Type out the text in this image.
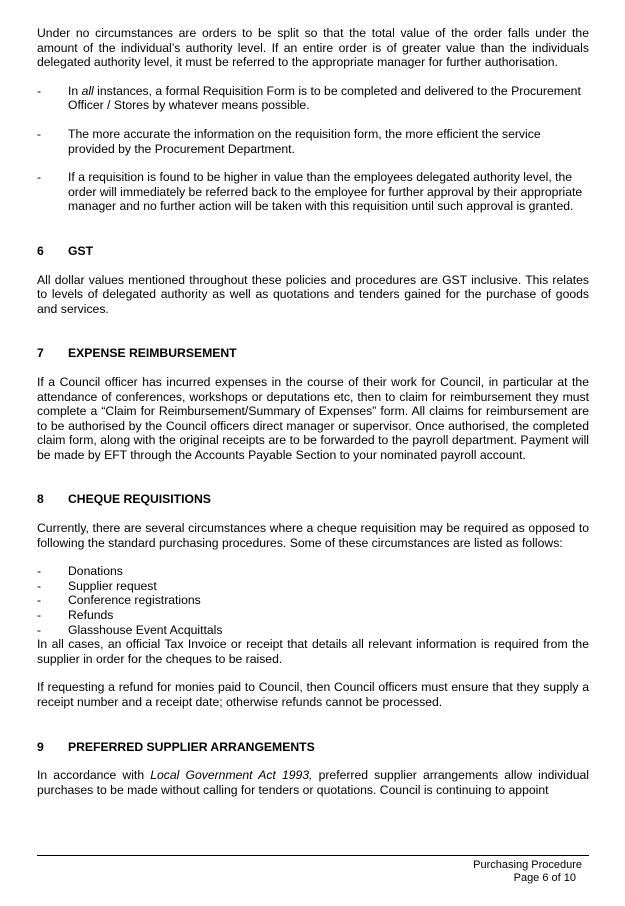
Under no circumstances are orders to be split so that the total value of the order falls under the amount of the individual’s authority level. If an entire order is of greater value than the individuals delegated authority level, it must be referred to the appropriate manager for further authorisation.

-	In all instances, a formal Requisition Form is to be completed and delivered to the Procurement Officer / Stores by whatever means possible.
-	The more accurate the information on the requisition form, the more efficient the service provided by the Procurement Department.
-	If a requisition is found to be higher in value than the employees delegated authority level, the order will immediately be referred back to the employee for further approval by their appropriate manager and no further action will be taken with this requisition until such approval is granted.
6	GST

All dollar values mentioned throughout these policies and procedures are GST inclusive. This relates to levels of delegated authority as well as quotations and tenders gained for the purchase of goods and services.

7	EXPENSE REIMBURSEMENT

If a Council officer has incurred expenses in the course of their work for Council, in particular at the attendance of conferences, workshops or deputations etc, then to claim for reimbursement they must complete a “Claim for Reimbursement/Summary of Expenses” form. All claims for reimbursement are to be authorised by the Council officers direct manager or supervisor. Once authorised, the completed claim form, along with the original receipts are to be forwarded to the payroll department. Payment will be made by EFT through the Accounts Payable Section to your nominated payroll account.

8	CHEQUE REQUISITIONS

Currently, there are several circumstances where a cheque requisition may be required as opposed to following the standard purchasing procedures. Some of these circumstances are listed as follows:

-	Donations
-	Supplier request
-	Conference registrations
-	Refunds
-	Glasshouse Event Acquittals

In all cases, an official Tax Invoice or receipt that details all relevant information is required from the supplier in order for the cheques to be raised.

If requesting a refund for monies paid to Council, then Council officers must ensure that they supply a receipt number and a receipt date; otherwise refunds cannot be processed.

9	PREFERRED SUPPLIER ARRANGEMENTS

In accordance with Local Government Act 1993, preferred supplier arrangements allow individual purchases to be made without calling for tenders or quotations. Council is continuing to appoint

Purchasing Procedure
Page 6 of 10
